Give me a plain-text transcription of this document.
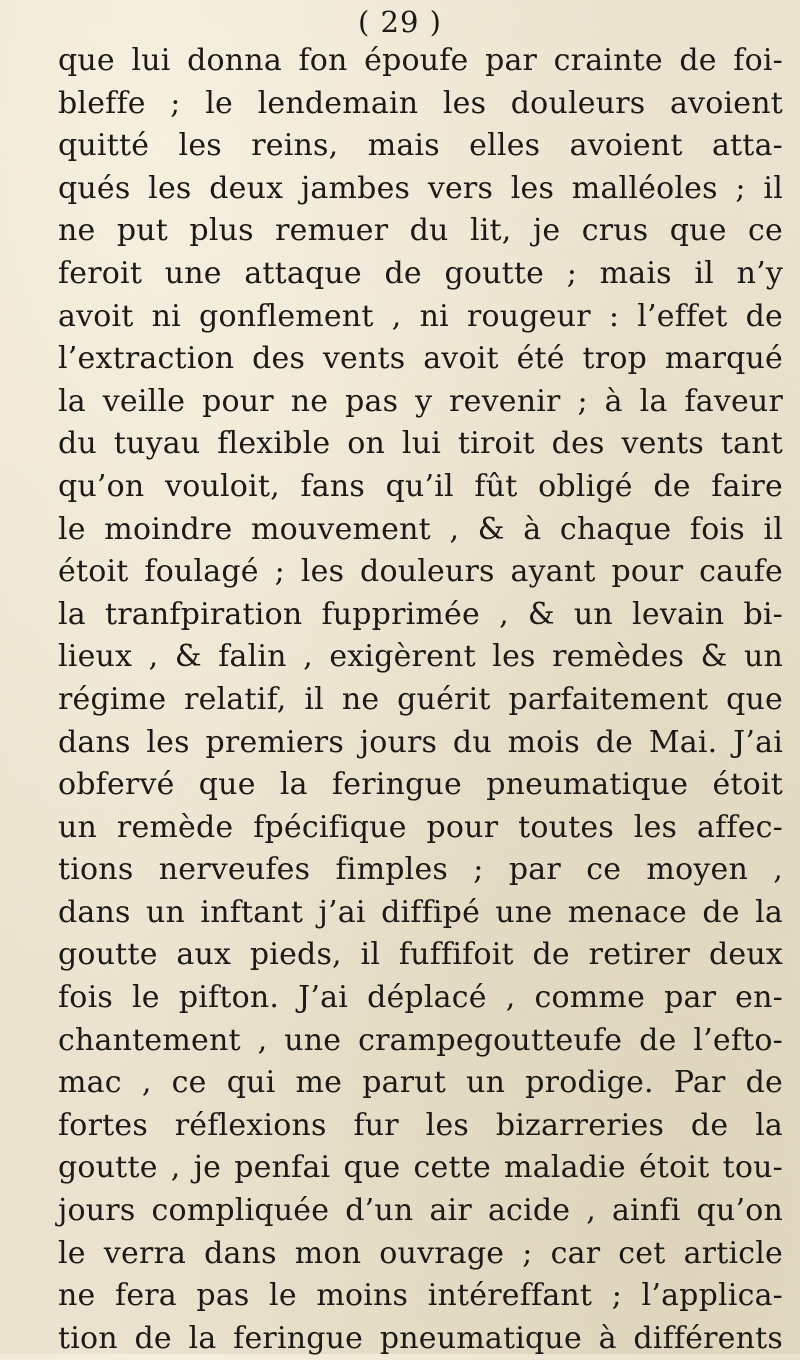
( 29 )
que lui donna fon époufe par crainte de foi-
bleffe ; le lendemain les douleurs avoient
quitté les reins, mais elles avoient atta-
qués les deux jambes vers les malléoles ; il
ne put plus remuer du lit, je crus que ce
feroit une attaque de goutte ; mais il n’y
avoit ni gonflement , ni rougeur : l’effet de
l’extraction des vents avoit été trop marqué
la veille pour ne pas y revenir ; à la faveur
du tuyau flexible on lui tiroit des vents tant
qu’on vouloit, fans qu’il fût obligé de faire
le moindre mouvement , & à chaque fois il
étoit foulagé ; les douleurs ayant pour caufe
la tranfpiration fupprimée , & un levain bi-
lieux , & falin , exigèrent les remèdes & un
régime relatif, il ne guérit parfaitement que
dans les premiers jours du mois de Mai. J’ai
obfervé que la feringue pneumatique étoit
un remède fpécifique pour toutes les affec-
tions nerveufes fimples ; par ce moyen ,
dans un inftant j’ai diffipé une menace de la
goutte aux pieds, il fuffifoit de retirer deux
fois le pifton. J’ai déplacé , comme par en-
chantement , une crampegoutteufe de l’efto-
mac , ce qui me parut un prodige. Par de
fortes réflexions fur les bizarreries de la
goutte , je penfai que cette maladie étoit tou-
jours compliquée d’un air acide , ainfi qu’on
le verra dans mon ouvrage ; car cet article
ne fera pas le moins intéreffant ; l’applica-
tion de la feringue pneumatique à différents
